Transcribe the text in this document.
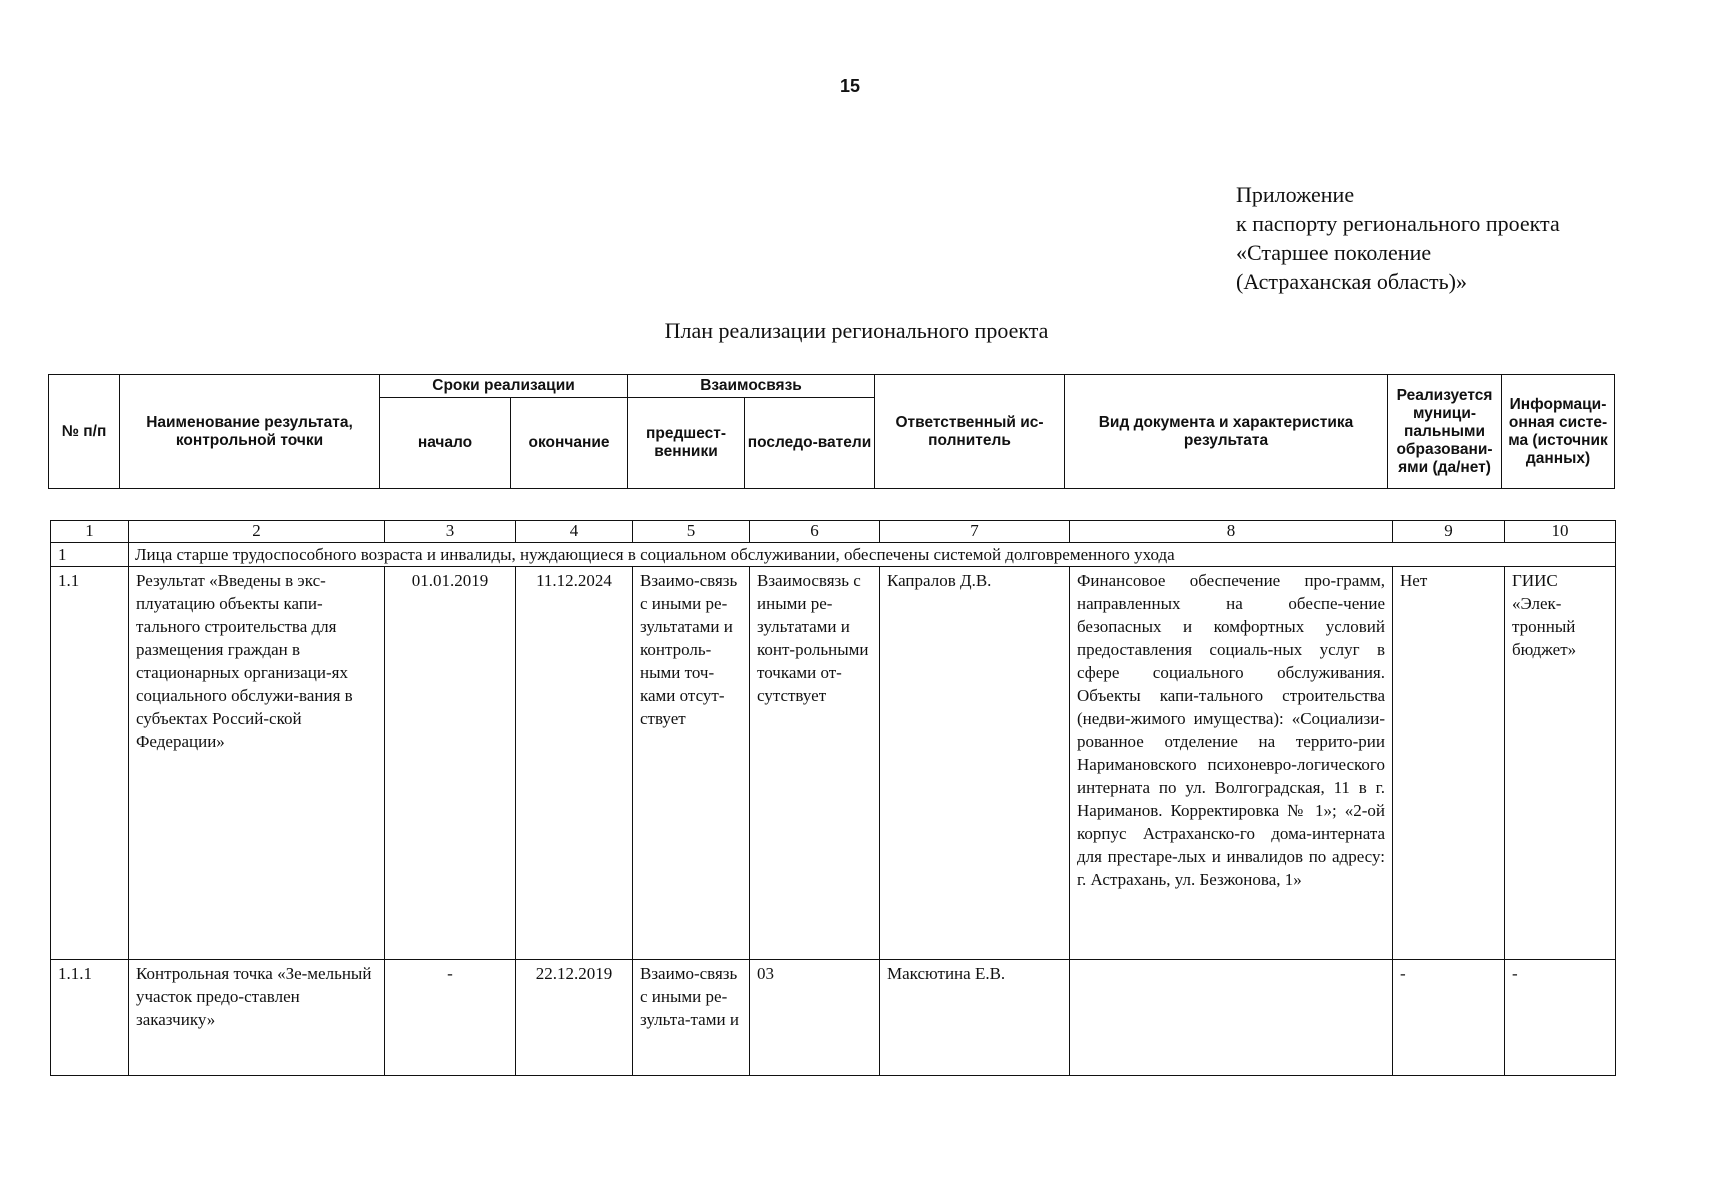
15
Приложение
к паспорту регионального проекта
«Старшее поколение
(Астраханская область)»
План реализации регионального проекта
№ п/п	Наименование результата, контрольной точки	Сроки реализации		Взаимосвязь		Ответственный ис-полнитель	Вид документа и характеристика результата	Реализуется муници-пальными образовани-ями (да/нет)	Информаци-онная систе-ма (источник данных)
		начало	окончание	предшест-венники	последо-ватели				
1	2	3	4	5	6	7	8	9	10
1	Лица старше трудоспособного возраста и инвалиды, нуждающиеся в социальном обслуживании, обеспечены системой долговременного ухода								
1.1	Результат «Введены в экс-плуатацию объекты капи-тального строительства для размещения граждан в стационарных организаци-ях социального обслужи-вания в субъектах Россий-ской Федерации»	01.01.2019	11.12.2024	Взаимо-связь с иными ре-зультатами и контроль-ными точ-ками отсут-ствует	Взаимосвязь с иными ре-зультатами и конт-рольными точками от-сутствует	Капралов Д.В.	Финансовое обеспечение про-грамм, направленных на обеспе-чение безопасных и комфортных условий предоставления социаль-ных услуг в сфере социального обслуживания. Объекты капи-тального строительства (недви-жимого имущества): «Социализи-рованное отделение на террито-рии Наримановского психоневро-логического интерната по ул. Волгоградская, 11 в г. Нариманов. Корректировка № 1»; «2-ой корпус Астраханско-го дома-интерната для престаре-лых и инвалидов по адресу: г. Астрахань, ул. Безжонова, 1»	Нет	ГИИС «Элек-тронный бюджет»
1.1.1	Контрольная точка «Зе-мельный участок предо-ставлен заказчику»	-	22.12.2019	Взаимо-связь с иными ре-зульта-тами и	03	Максютина Е.В.		-	-
